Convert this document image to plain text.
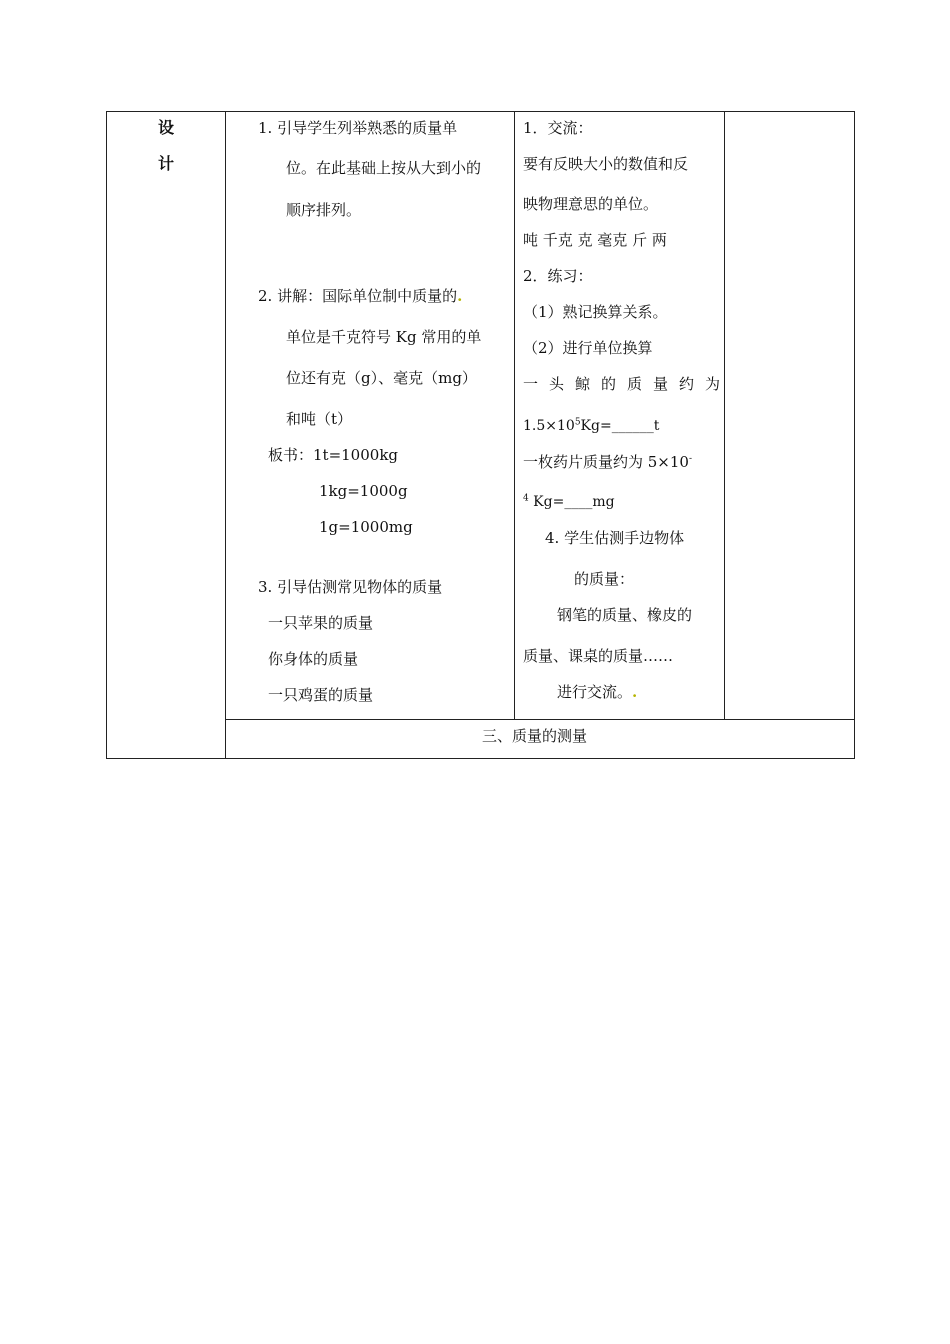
设
计
1. 引导学生列举熟悉的质量单
位。在此基础上按从大到小的
顺序排列。
2. 讲解：国际单位制中质量的.
单位是千克符号 Kg 常用的单
位还有克（g）、毫克（mg）
和吨（t）
板书：1t=1000kg
1kg=1000g
1g=1000mg
3. 引导估测常见物体的质量
一只苹果的质量
你身体的质量
一只鸡蛋的质量
1．交流：
要有反映大小的数值和反
映物理意思的单位。
吨 千克 克 毫克 斤 两
2．练习：
（1）熟记换算关系。
（2）进行单位换算
一头鲸的质量约为
$1.5\times 10^5Kg=\_\_\_\_\_\_t$
一枚药片质量约为 5×10-
$^4$ Kg=____mg
4. 学生估测手边物体
的质量：
钢笔的质量、橡皮的
质量、课桌的质量……
进行交流。.
三、质量的测量
